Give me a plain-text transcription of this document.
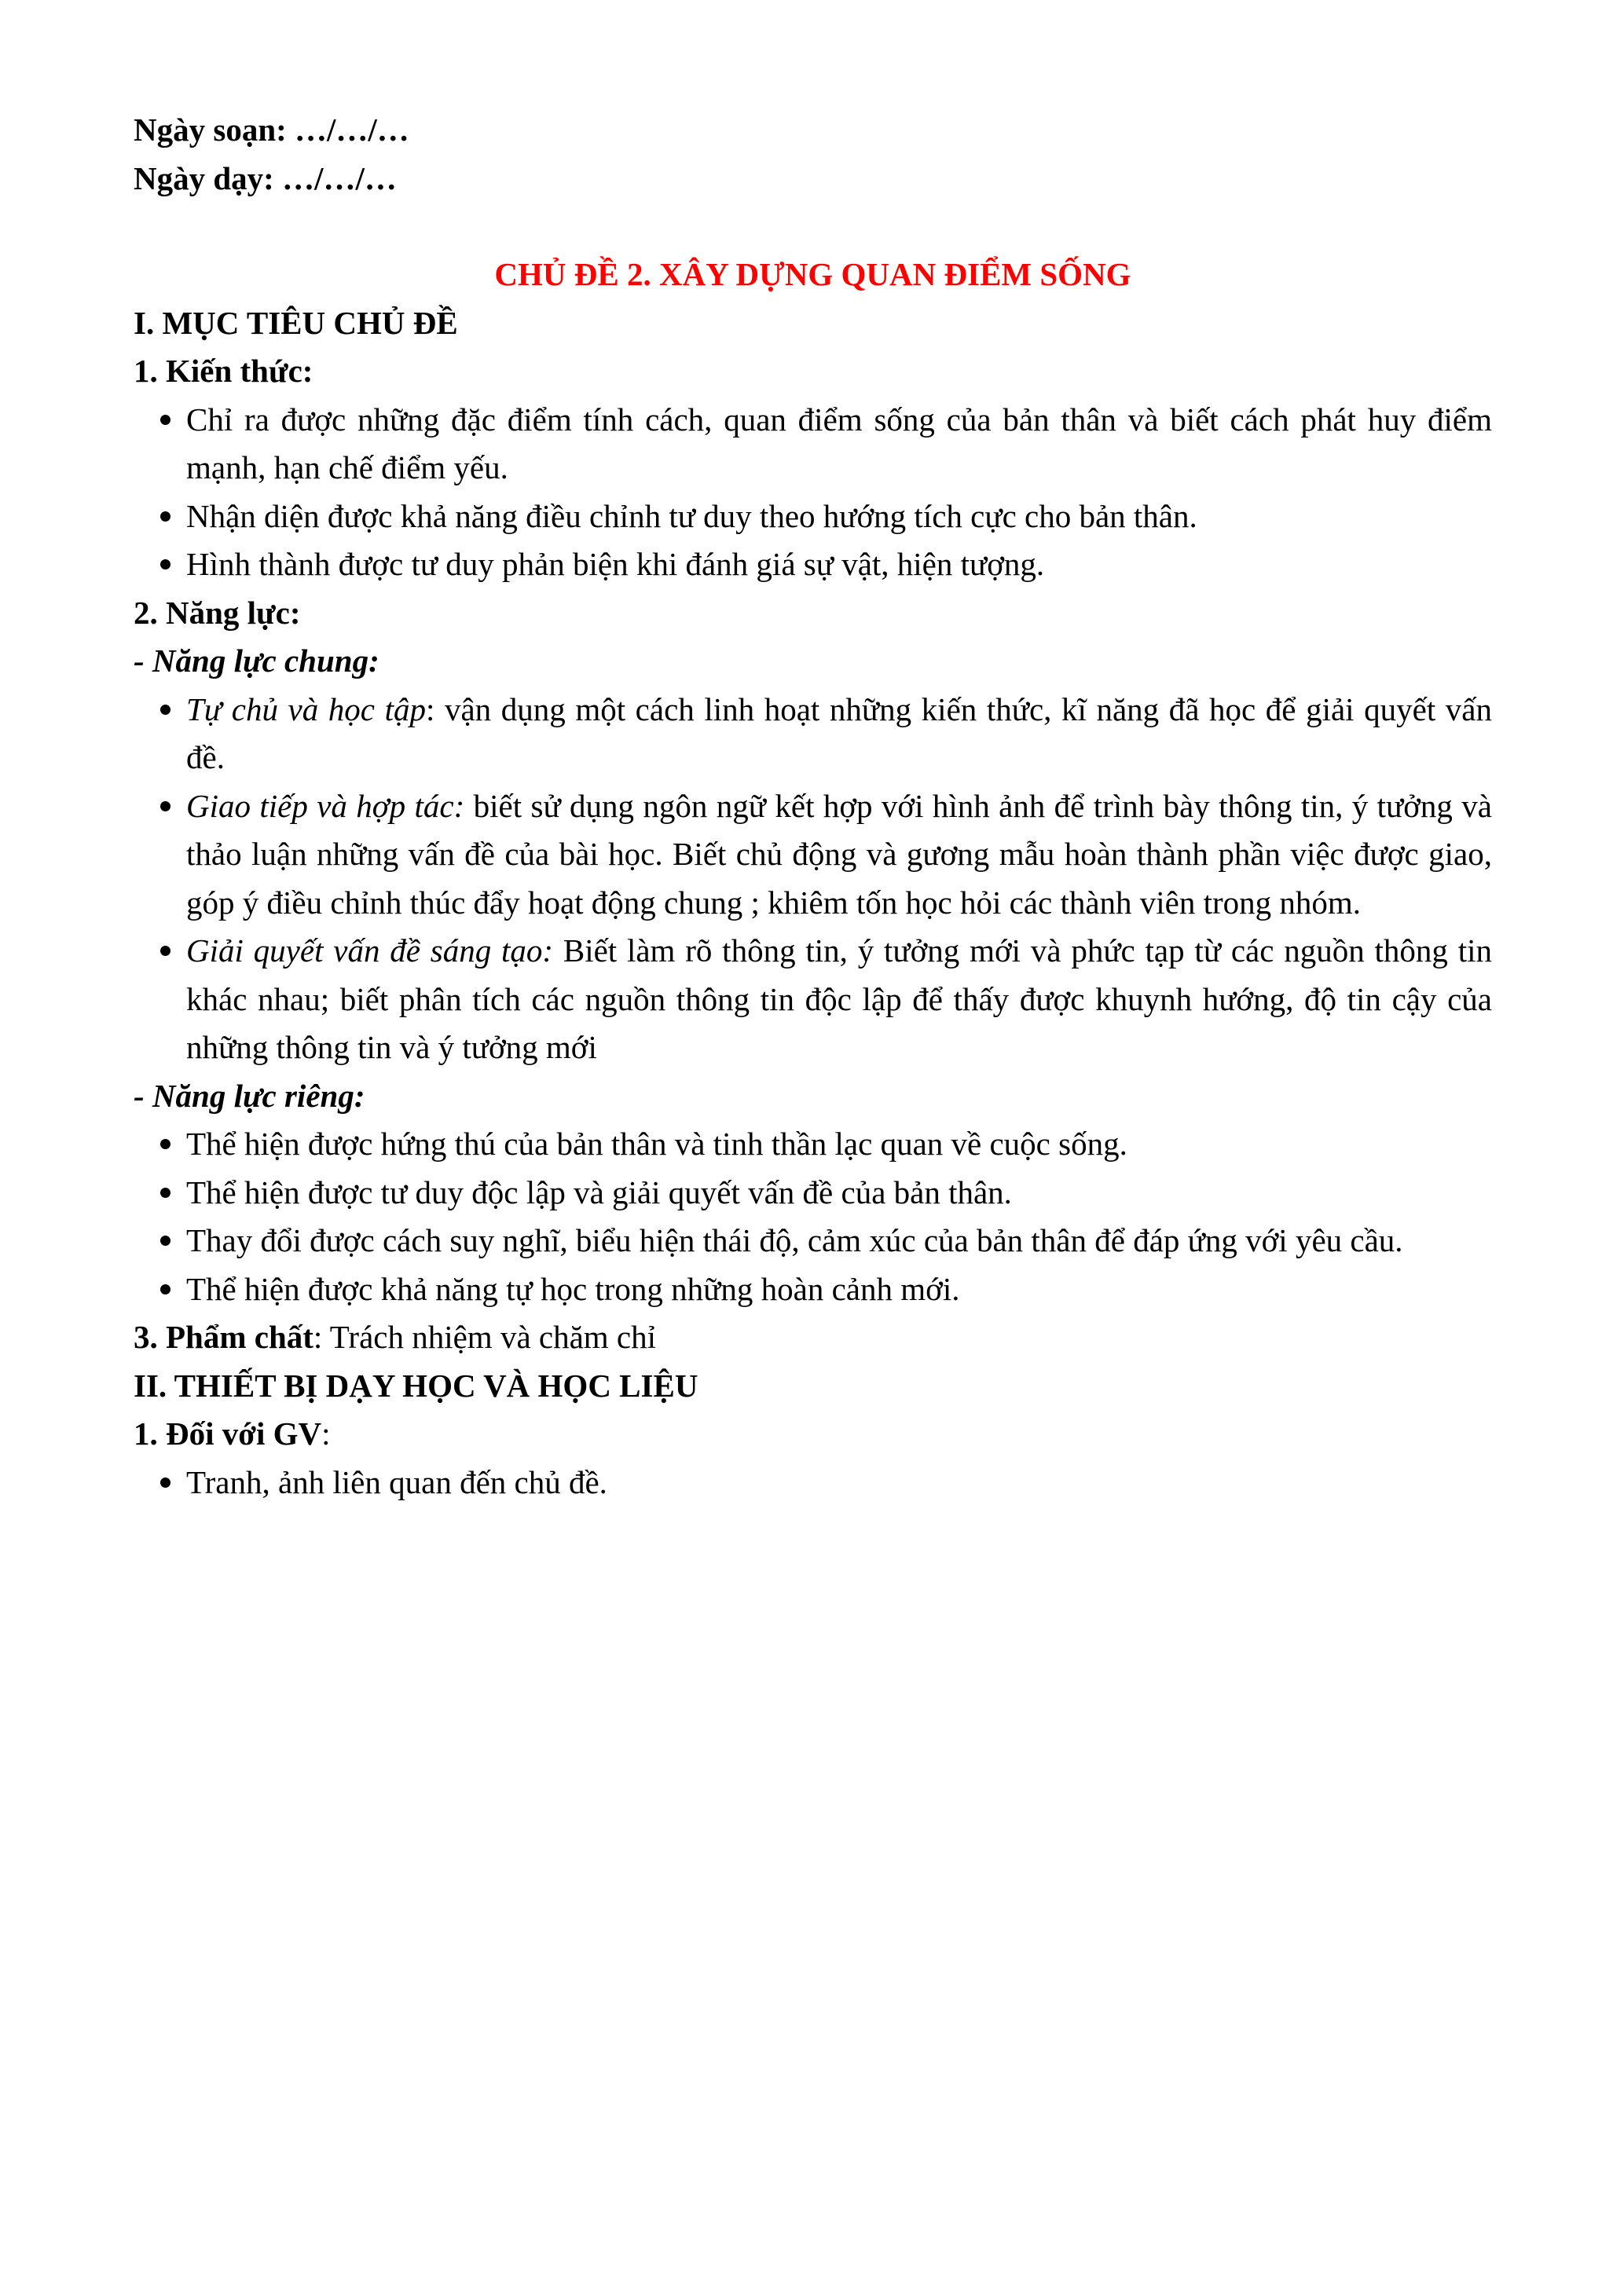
Ngày soạn: …/…/…

Ngày dạy: …/…/…

CHỦ ĐỀ 2. XÂY DỰNG QUAN ĐIỂM SỐNG

I. MỤC TIÊU CHỦ ĐỀ

1. Kiến thức:

Chỉ ra được những đặc điểm tính cách, quan điểm sống của bản thân và biết cách phát huy điểm mạnh, hạn chế điểm yếu.
Nhận diện được khả năng điều chỉnh tư duy theo hướng tích cực cho bản thân.
Hình thành được tư duy phản biện khi đánh giá sự vật, hiện tượng.

2. Năng lực:

- Năng lực chung:

Tự chủ và học tập: vận dụng một cách linh hoạt những kiến thức, kĩ năng đã học để giải quyết vấn đề.
Giao tiếp và hợp tác: biết sử dụng ngôn ngữ kết hợp với hình ảnh để trình bày thông tin, ý tưởng và thảo luận những vấn đề của bài học. Biết chủ động và gương mẫu hoàn thành phần việc được giao, góp ý điều chỉnh thúc đẩy hoạt động chung ; khiêm tốn học hỏi các thành viên trong nhóm.
Giải quyết vấn đề sáng tạo: Biết làm rõ thông tin, ý tưởng mới và phức tạp từ các nguồn thông tin khác nhau; biết phân tích các nguồn thông tin độc lập để thấy được khuynh hướng, độ tin cậy của những thông tin và ý tưởng mới

- Năng lực riêng:

Thể hiện được hứng thú của bản thân và tinh thần lạc quan về cuộc sống.
Thể hiện được tư duy độc lập và giải quyết vấn đề của bản thân.
Thay đổi được cách suy nghĩ, biểu hiện thái độ, cảm xúc của bản thân để đáp ứng với yêu cầu.
Thể hiện được khả năng tự học trong những hoàn cảnh mới.

3. Phẩm chất: Trách nhiệm và chăm chỉ

II. THIẾT BỊ DẠY HỌC VÀ HỌC LIỆU

1. Đối với GV:

Tranh, ảnh liên quan đến chủ đề.
